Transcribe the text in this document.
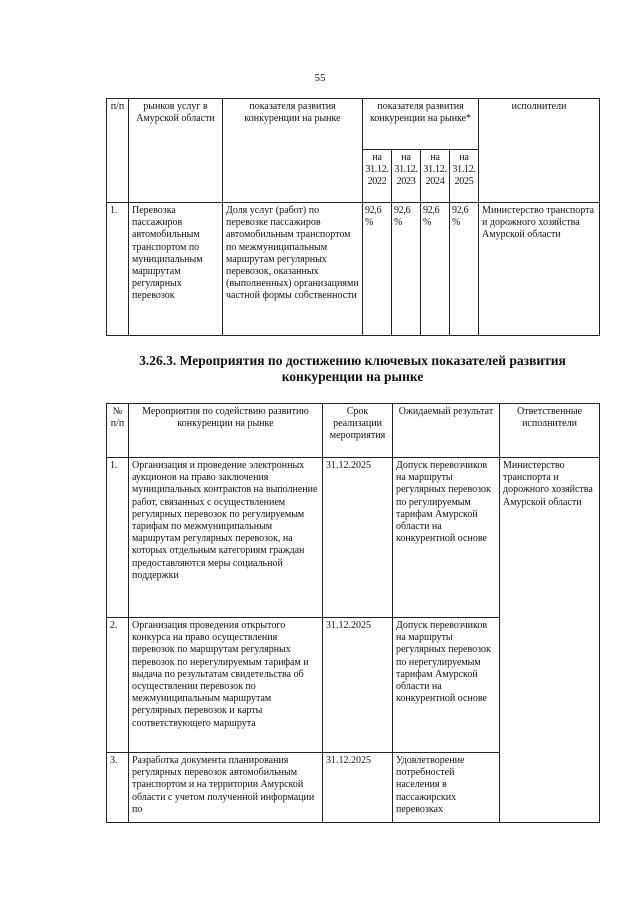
55
п/п	рынков услуг в Амурской области	показателя развития конкуренции на рынке	показателя развития конкуренции на рынке*				исполнители
			на 31.12. 2022	на 31.12. 2023	на 31.12. 2024	на 31.12. 2025	
1.	Перевозка пассажиров автомобильным транспортом по муниципальным маршрутам регулярных перевозок	Доля услуг (работ) по перевозке пассажиров автомобильным транспортом по межмуниципальным маршрутам регулярных перевозок, оказанных (выполненных) организациями частной формы собственности	92,6 %	92,6 %	92,6 %	92,6 %	Министерство транспорта и дорожного хозяйства Амурской области
3.26.3. Мероприятия по достижению ключевых показателей развития конкуренции на рынке
№ п/п	Мероприятия по содействию развитию конкуренции на рынке	Срок реализации мероприятия	Ожидаемый результат	Ответственные исполнители
1.	Организация и проведение электронных аукционов на право заключения муниципальных контрактов на выполнение работ, связанных с осуществлением регулярных перевозок по регулируемым тарифам по межмуниципальным маршрутам регулярных перевозок, на которых отдельным категориям граждан предоставляются меры социальной поддержки	31.12.2025	Допуск перевозчиков на маршруты регулярных перевозок по регулируемым тарифам Амурской области на конкурентной основе	Министерство транспорта и дорожного хозяйства Амурской области
2.	Организация проведения открытого конкурса на право осуществления перевозок по маршрутам регулярных перевозок по нерегулируемым тарифам и выдача по результатам свидетельства об осуществлении перевозок по межмуниципальным маршрутам регулярных перевозок и карты соответствующего маршрута	31.12.2025	Допуск перевозчиков на маршруты регулярных перевозок по нерегулируемым тарифам Амурской области на конкурентной основе	
3.	Разработка документа планирования регулярных перевозок автомобильным транспортом и на территории Амурской области с учетом полученной информации по	31.12.2025	Удовлетворение потребностей населения в пассажирских перевозках	
